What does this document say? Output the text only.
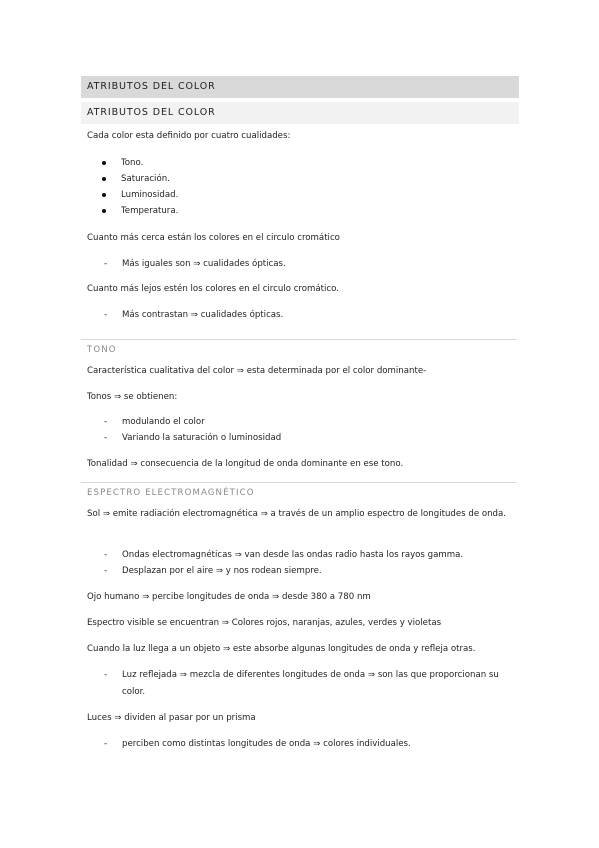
ATRIBUTOS DEL COLOR
ATRIBUTOS DEL COLOR
Cada color esta definido por cuatro cualidades:
Tono.
Saturación.
Luminosidad.
Temperatura.
Cuanto más cerca están los colores en el circulo cromático
- Más iguales son ⇒ cualidades ópticas.
Cuanto más lejos estén los colores en el circulo cromático.
- Más contrastan ⇒ cualidades ópticas.
TONO
Característica cualitativa del color ⇒ esta determinada por el color dominante-
Tonos ⇒ se obtienen:
- modulando el color
- Variando la saturación o luminosidad
Tonalidad ⇒ consecuencia de la longitud de onda dominante en ese tono.
ESPECTRO ELECTROMAGNÉTICO
Sol ⇒ emite radiación electromagnética ⇒ a través de un amplio espectro de longitudes de onda.
- Ondas electromagnéticas ⇒ van desde las ondas radio hasta los rayos gamma.
- Desplazan por el aire ⇒ y nos rodean siempre.
Ojo humano ⇒ percibe longitudes de onda ⇒ desde 380 a 780 nm
Espectro visible se encuentran ⇒ Colores rojos, naranjas, azules, verdes y violetas
Cuando la luz llega a un objeto ⇒ este absorbe algunas longitudes de onda y refleja otras.
- Luz reflejada ⇒ mezcla de diferentes longitudes de onda ⇒ son las que proporcionan su color.
Luces ⇒ dividen al pasar por un prisma
- perciben como distintas longitudes de onda ⇒ colores individuales.
